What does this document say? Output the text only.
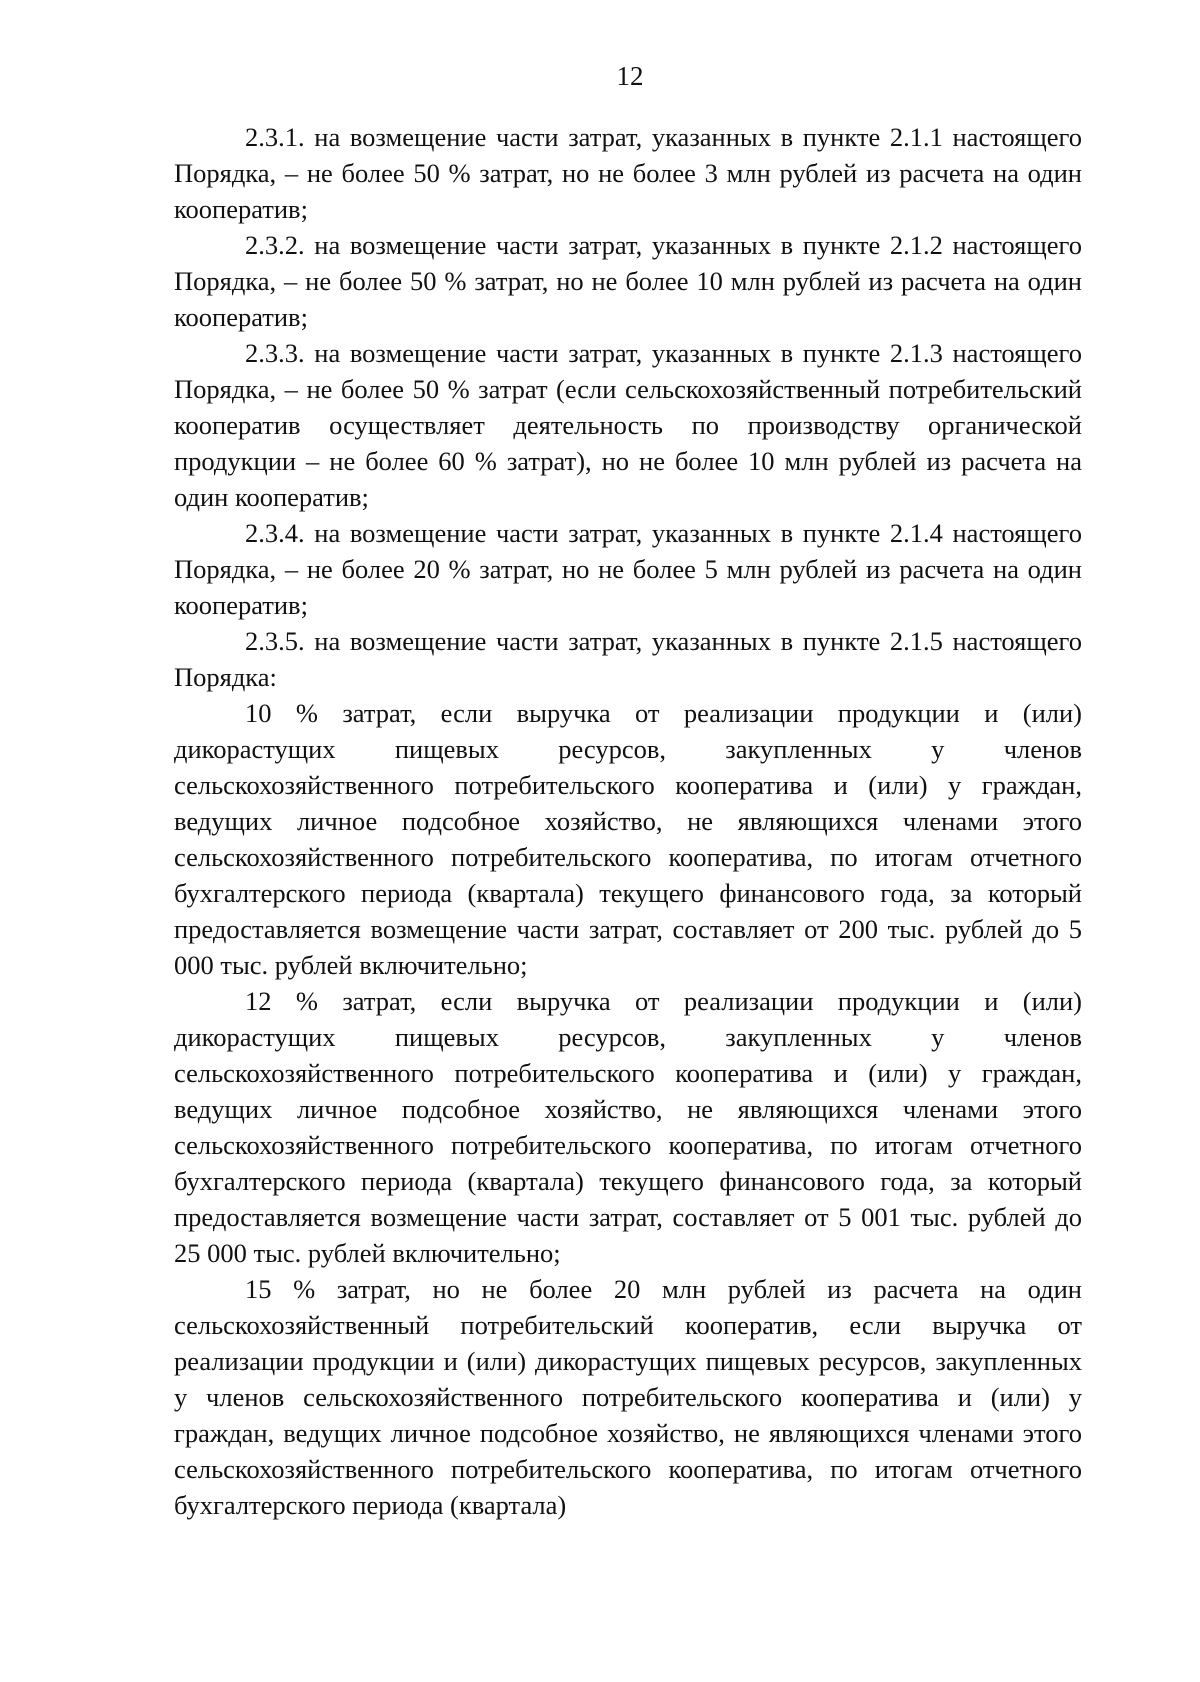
12

2.3.1. на возмещение части затрат, указанных в пункте 2.1.1 настоящего Порядка, – не более 50 % затрат, но не более 3 млн рублей из расчета на один кооператив;

2.3.2. на возмещение части затрат, указанных в пункте 2.1.2 настоящего Порядка, – не более 50 % затрат, но не более 10 млн рублей из расчета на один кооператив;

2.3.3. на возмещение части затрат, указанных в пункте 2.1.3 настоящего Порядка, – не более 50 % затрат (если сельскохозяйственный потребительский кооператив осуществляет деятельность по производству органической продукции – не более 60 % затрат), но не более 10 млн рублей из расчета на один кооператив;

2.3.4. на возмещение части затрат, указанных в пункте 2.1.4 настоящего Порядка, – не более 20 % затрат, но не более 5 млн рублей из расчета на один кооператив;

2.3.5. на возмещение части затрат, указанных в пункте 2.1.5 настоящего Порядка:

10 % затрат, если выручка от реализации продукции и (или) дикорастущих пищевых ресурсов, закупленных у членов сельскохозяйственного потребительского кооператива и (или) у граждан, ведущих личное подсобное хозяйство, не являющихся членами этого сельскохозяйственного потребительского кооператива, по итогам отчетного бухгалтерского периода (квартала) текущего финансового года, за который предоставляется возмещение части затрат, составляет от 200 тыс. рублей до 5 000 тыс. рублей включительно;

12 % затрат, если выручка от реализации продукции и (или) дикорастущих пищевых ресурсов, закупленных у членов сельскохозяйственного потребительского кооператива и (или) у граждан, ведущих личное подсобное хозяйство, не являющихся членами этого сельскохозяйственного потребительского кооператива, по итогам отчетного бухгалтерского периода (квартала) текущего финансового года, за который предоставляется возмещение части затрат, составляет от 5 001 тыс. рублей до 25 000 тыс. рублей включительно;

15 % затрат, но не более 20 млн рублей из расчета на один сельскохозяйственный потребительский кооператив, если выручка от реализации продукции и (или) дикорастущих пищевых ресурсов, закупленных у членов сельскохозяйственного потребительского кооператива и (или) у граждан, ведущих личное подсобное хозяйство, не являющихся членами этого сельскохозяйственного потребительского кооператива, по итогам отчетного бухгалтерского периода (квартала)
